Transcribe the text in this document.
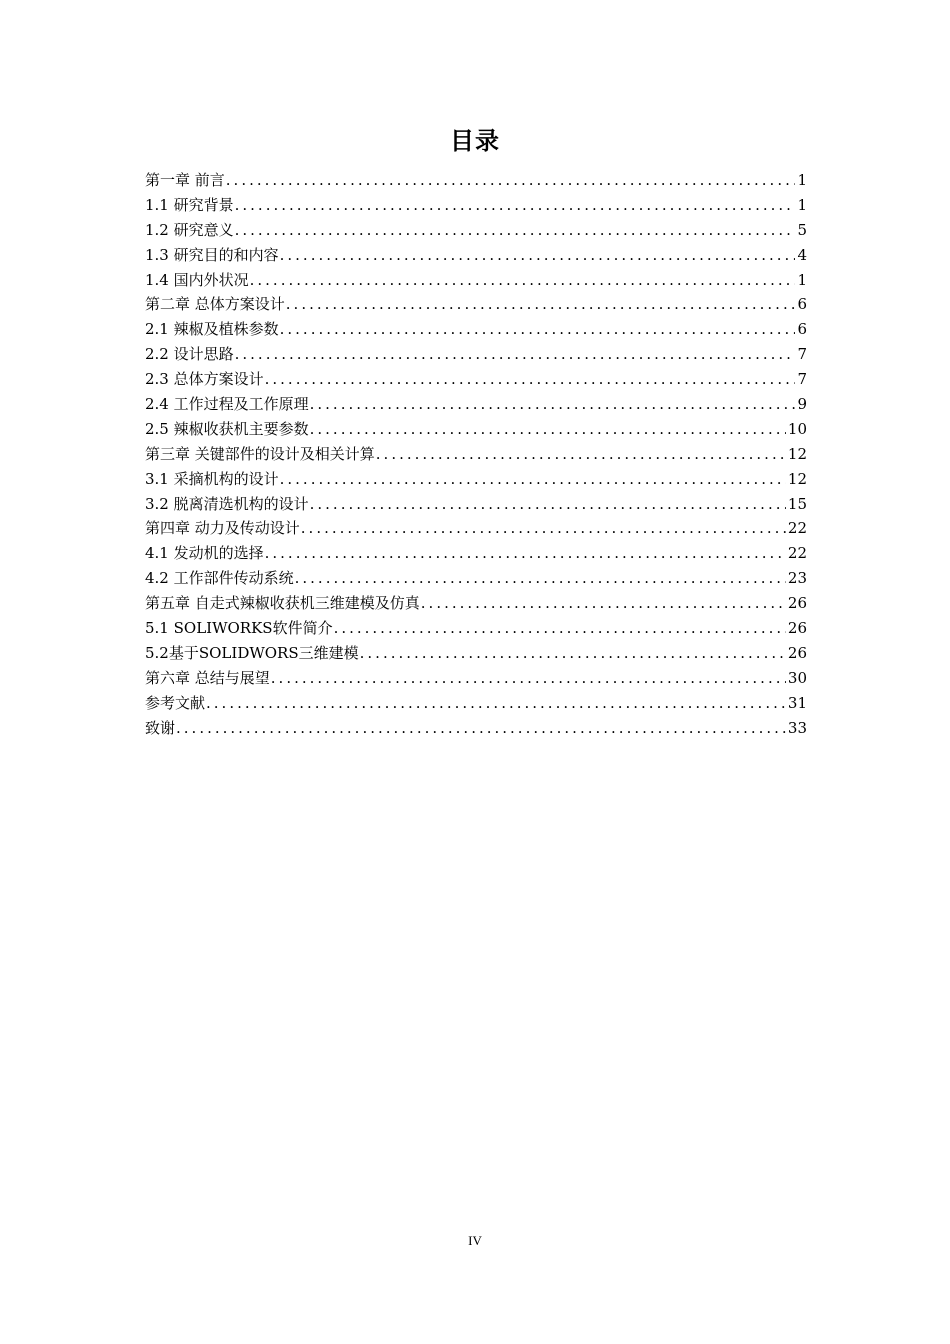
目录
第一章 前言 .....	1
1.1 研究背景 .....	1
1.2 研究意义 .....	5
1.3 研究目的和内容 .....	4
1.4 国内外状况 .....	1
第二章 总体方案设计 .....	6
2.1 辣椒及植株参数 .....	6
2.2 设计思路 .....	7
2.3 总体方案设计 .....	7
2.4 工作过程及工作原理 .....	9
2.5 辣椒收获机主要参数 .....	10
第三章 关键部件的设计及相关计算 .....	12
3.1 采摘机构的设计 .....	12
3.2 脱离清选机构的设计 .....	15
第四章 动力及传动设计 .....	22
4.1 发动机的选择 .....	22
4.2 工作部件传动系统 .....	23
第五章 自走式辣椒收获机三维建模及仿真 .....	26
5.1 SOLIWORKS软件简介 .....	26
5.2基于SOLIDWORS三维建模 .....	26
第六章 总结与展望 .....	30
参考文献 .....	31
致谢 .....	33
IV
